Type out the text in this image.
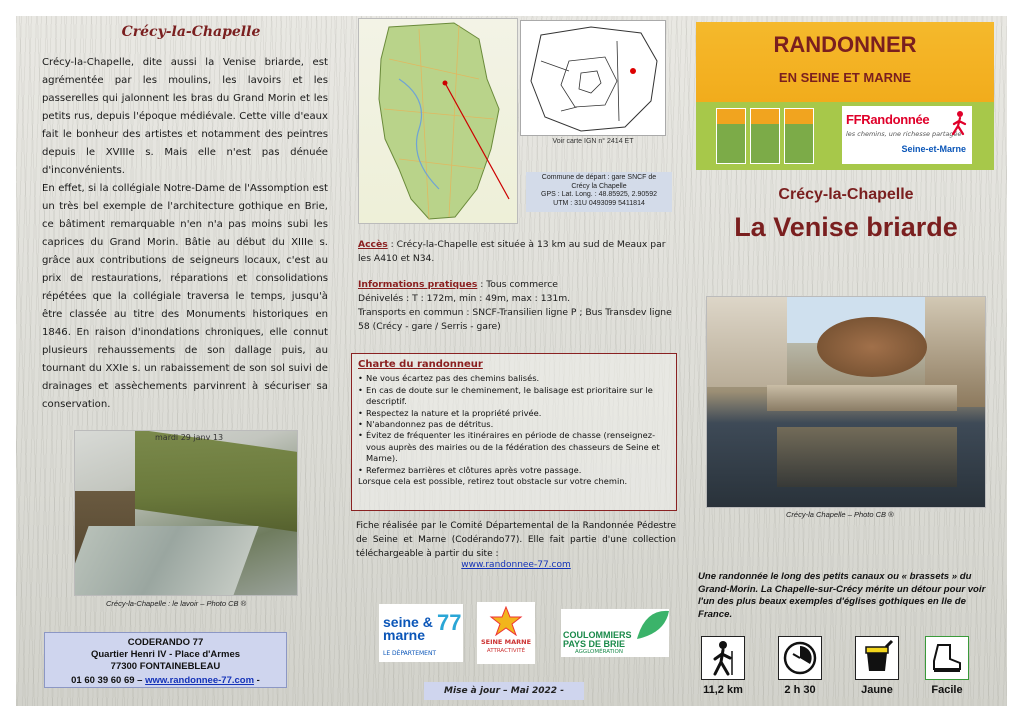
Crécy-la-Chapelle

Crécy-la-Chapelle, dite aussi la Venise briarde, est agrémentée par les moulins, les lavoirs et les passerelles qui jalonnent les bras du Grand Morin et les petits rus, depuis l'époque médiévale. Cette ville d'eaux fait le bonheur des artistes et notamment des peintres depuis le XVIIIe s. Mais elle n'est pas dénuée d'inconvénients.

En effet, si la collégiale Notre-Dame de l'Assomption est un très bel exemple de l'architecture gothique en Brie, ce bâtiment remarquable n'en n'a pas moins subi les caprices du Grand Morin. Bâtie au début du XIIIe s. grâce aux contributions de seigneurs locaux, c'est au prix de restaurations, réparations et consolidations répétées que la collégiale traversa le temps, jusqu'à être classée au titre des Monuments historiques en 1846. En raison d'inondations chroniques, elle connut plusieurs rehaussements de son dallage puis, au tournant du XXIe s. un rabaissement de son sol suivi de drainages et assèchements parvinrent à sécuriser sa conservation.

mardi 29 janv 13
Crécy-la-Chapelle : le lavoir – Photo CB ®
CODERANDO 77
Quartier Henri IV - Place d'Armes
77300 FONTAINEBLEAU
01 60 39 60 69 – www.randonnee-77.com -
Voir carte IGN n° 2414 ET
Commune de départ : gare SNCF de
Crécy la Chapelle
GPS : Lat. Long. : 48.85925, 2.90592
UTM : 31U 0493099 5411814
Accès : Crécy-la-Chapelle est située à 13 km au sud de Meaux par les A410 et N34.
Informations pratiques : Tous commerce
Dénivelés : T : 172m, min : 49m, max : 131m.
Transports en commun : SNCF-Transilien ligne P ; Bus Transdev ligne 58 (Crécy - gare / Serris - gare)
Charte du randonneur
• Ne vous écartez pas des chemins balisés.
• En cas de doute sur le cheminement, le balisage est prioritaire sur le descriptif.
• Respectez la nature et la propriété privée.
• N'abandonnez pas de détritus.
• Évitez de fréquenter les itinéraires en période de chasse (renseignez-vous auprès des mairies ou de la fédération des chasseurs de Seine et Marne).
• Refermez barrières et clôtures après votre passage.
Lorsque cela est possible, retirez tout obstacle sur votre chemin.
Fiche réalisée par le Comité Départemental de la Randonnée Pédestre de Seine et Marne (Codérando77). Elle fait partie d'une collection téléchargeable à partir du site :
www.randonnee-77.com
seine & marne
LE DÉPARTEMENT
77
SEINE MARNE
ATTRACTIVITÉ
COULOMMIERS
PAYS DE BRIE
AGGLOMÉRATION
Mise à jour – Mai 2022 -
RANDONNER
EN SEINE ET MARNE
FFRandonnée
les chemins, une richesse partagée
Seine-et-Marne
Crécy-la-Chapelle
La Venise briarde
Crécy-la Chapelle – Photo CB ®
Une randonnée le long des petits canaux ou « brassets » du Grand-Morin. La Chapelle-sur-Crécy mérite un détour pour voir l'un des plus beaux exemples d'églises gothiques en Ile de France.
11,2 km	2 h 30	Jaune	Facile
